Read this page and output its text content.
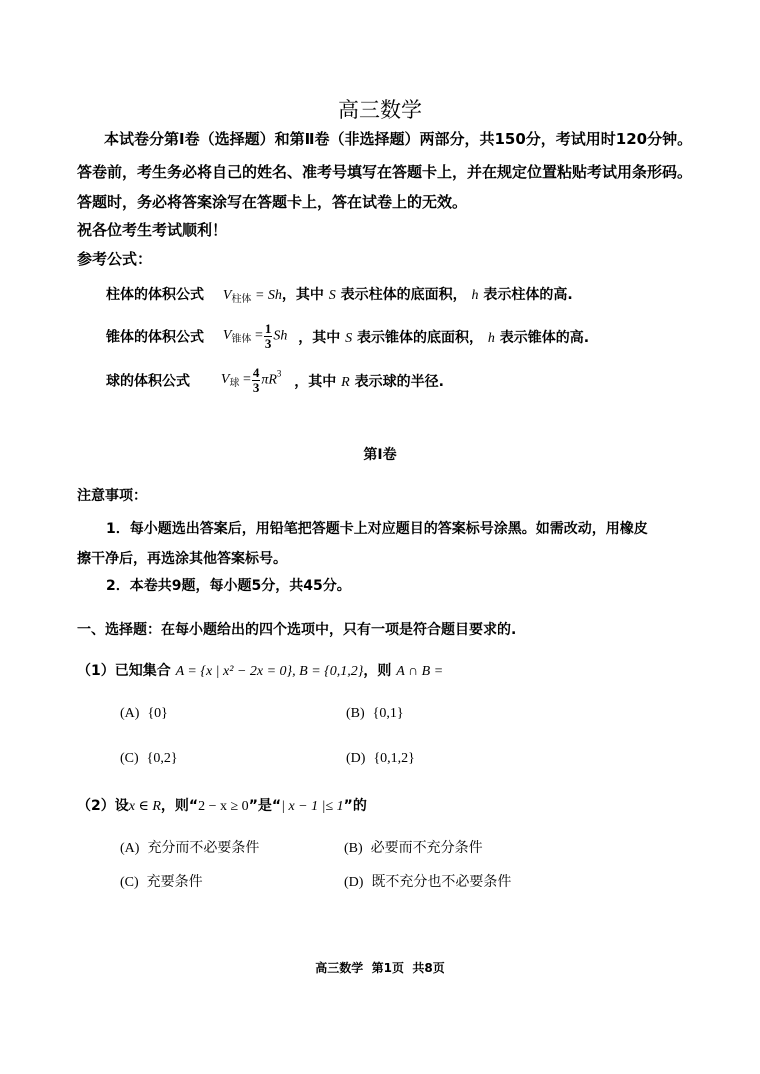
高三数学
本试卷分第Ⅰ卷（选择题）和第Ⅱ卷（非选择题）两部分，共150分，考试用时120分钟。
答卷前，考生务必将自己的姓名、准考号填写在答题卡上，并在规定位置粘贴考试用条形码。
答题时，务必将答案涂写在答题卡上，答在试卷上的无效。
祝各位考生考试顺利！
参考公式：
柱体的体积公式 $V_{柱体} = Sh$，其中 S 表示柱体的底面积， h 表示柱体的高.
锥体的体积公式 $V_{锥体} = \frac{1}{3}$ Sh ，其中 S 表示锥体的底面积， h 表示锥体的高.
球的体积公式 $V_球 = \frac{4}{3} \pi R^3$ ，其中 R 表示球的半径.
第Ⅰ卷
注意事项：
1．每小题选出答案后，用铅笔把答题卡上对应题目的答案标号涂黑。如需改动，用橡皮
擦干净后，再选涂其他答案标号。
2．本卷共9题，每小题5分，共45分。
一、选择题：在每小题给出的四个选项中，只有一项是符合题目要求的.
（1）已知集合 A = {x | x² − 2x = 0}, B = {0,1,2}，则 A ∩ B =
(A) {0}	(B) {0,1}
(C) {0,2}	(D) {0,1,2}
（2）设x ∈ R，则“2 − x ≥ 0”是“| x − 1 |≤ 1”的
(A) 充分而不必要条件	(B) 必要而不充分条件
(C) 充要条件	(D) 既不充分也不必要条件
高三数学  第1页  共8页
